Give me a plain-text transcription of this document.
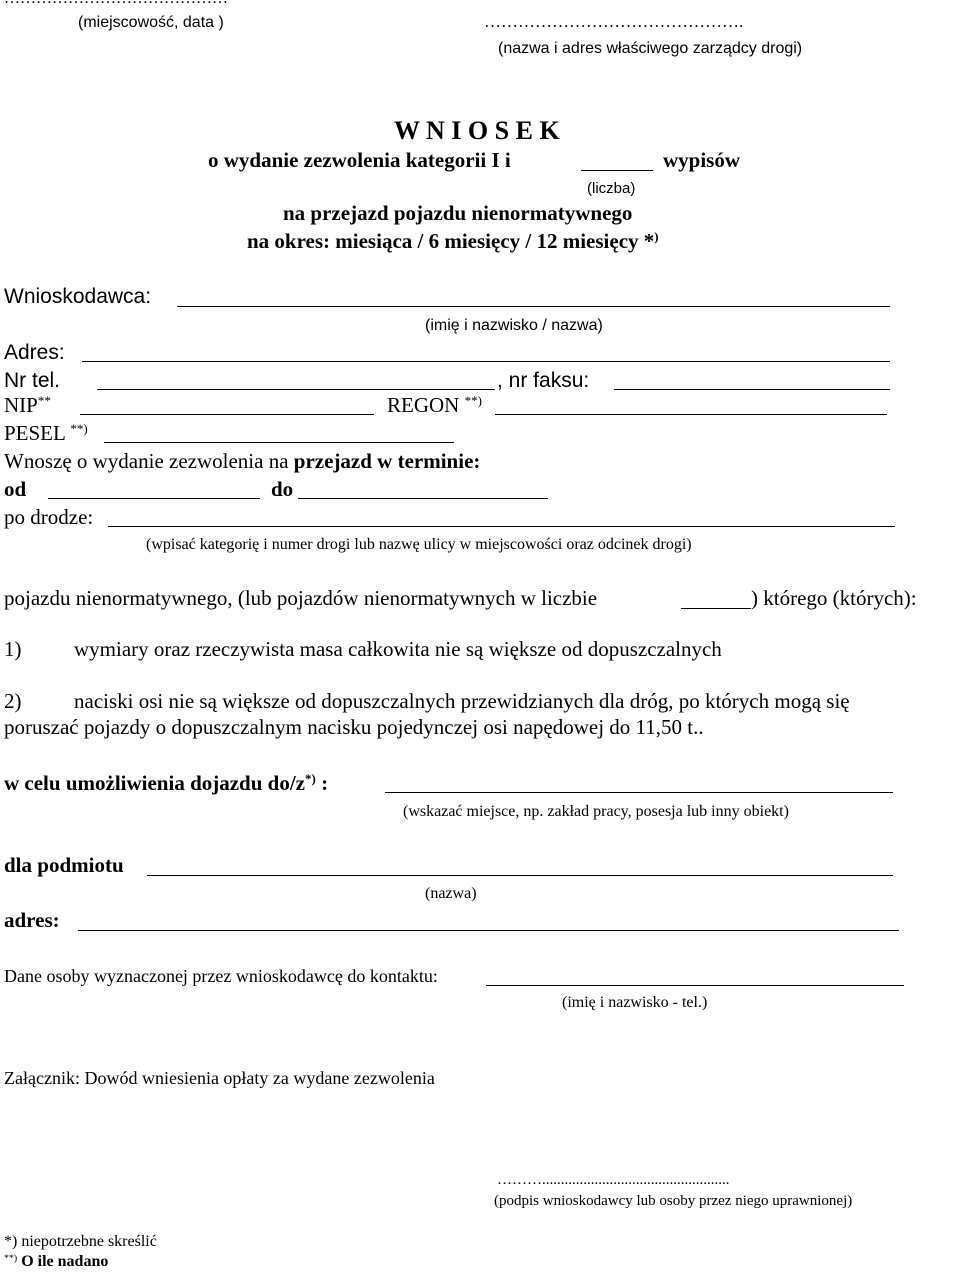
(miejscowość, data )	……………………………………….
(nazwa i adres właściwego zarządcy drogi)
W N I O S E K
o wydanie zezwolenia kategorii I i	wypisów
(liczba)
na przejazd pojazdu nienormatywnego
na okres: miesiąca / 6 miesięcy / 12 miesięcy *)
Wnioskodawca:
(imię i nazwisko / nazwa)
Adres:
Nr tel.	, nr faksu:
NIP**	REGON **)
PESEL **)
Wnoszę o wydanie zezwolenia na przejazd w terminie:
od	do
po drodze:
(wpisać kategorię i numer drogi lub nazwę ulicy w miejscowości oraz odcinek drogi)
pojazdu nienormatywnego, (lub pojazdów nienormatywnych w liczbie	) którego (których):
1)	wymiary oraz rzeczywista masa całkowita nie są większe od dopuszczalnych
2)	naciski osi nie są większe od dopuszczalnych przewidzianych dla dróg, po których mogą się
poruszać pojazdy o dopuszczalnym nacisku pojedynczej osi napędowej do 11,50 t..
w celu umożliwienia dojazdu do/z*) :
(wskazać miejsce, np. zakład pracy, posesja lub inny obiekt)
dla podmiotu
(nazwa)
adres:
Dane osoby wyznaczonej przez wnioskodawcę do kontaktu:
(imię i nazwisko - tel.)
Załącznik: Dowód wniesienia opłaty za wydane zezwolenia
………..................................................
(podpis wnioskodawcy lub osoby przez niego uprawnionej)
*) niepotrzebne skreślić
**) O ile nadano
